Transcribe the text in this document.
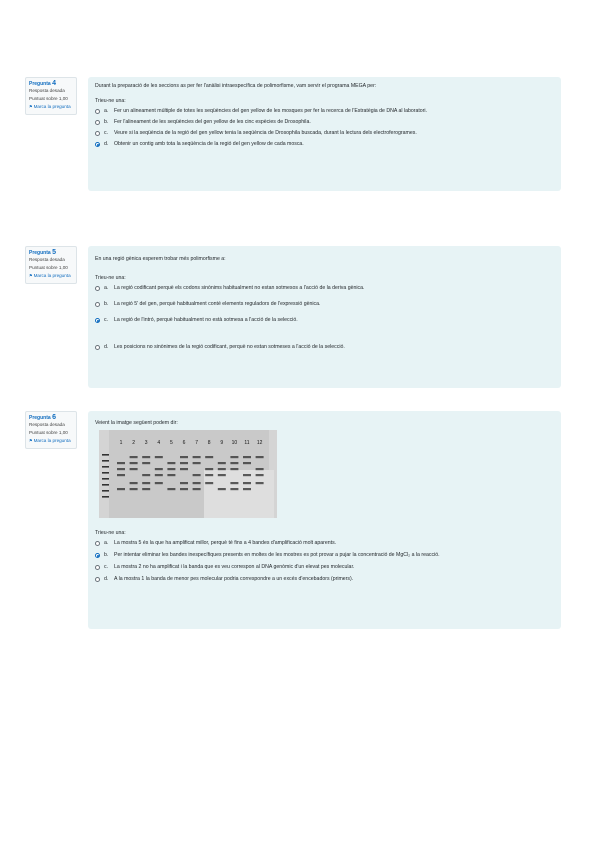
Pregunta 4
Resposta desada
Puntuat sobre 1,00
⚑Marca la pregunta
Durant la preparació de les seccions as per fer l'anàlisi intraespecífica de polimorfisme, vam servir el programa MEGA per:
Trieu-ne una:
a.	Fer un alineament múltiple de totes les seqüències del gen yellow de les mosques per fer la recerca de l'Estratègia de DNA al laboratori.
b.	Fer l'alineament de les seqüències del gen yellow de les cinc espècies de Drosophila.
c.	Veure si la seqüència de la regió del gen yellow tenia la seqüència de Drosophila buscada, durant la lectura dels electroferogrames.
d.	Obtenir un contig amb tota la seqüència de la regió del gen yellow de cada mosca.
Pregunta 5
Resposta desada
Puntuat sobre 1,00
⚑Marca la pregunta
En una regió gènica esperem trobar més polimorfisme a:
Trieu-ne una:
a.	La regió codificant perquè els codons sinònims habitualment no estan sotmesos a l'acció de la deriva gènica.
b.	La regió 5' del gen, perquè habitualment conté elements reguladors de l'expressió gènica.
c.	La regió de l'intró, perquè habitualment no està sotmesa a l'acció de la selecció.
d.	Les posicions no sinònimes de la regió codificant, perquè no estan sotmeses a l'acció de la selecció.
Pregunta 6
Resposta desada
Puntuat sobre 1,00
⚑Marca la pregunta
Veient la imatge següent podem dir:
1 2 3 4 5 6 7 8 9 10 11 12
Trieu-ne una:
a.	La mostra 5 és la que ha amplificat millor, perquè té fins a 4 bandes d'amplificació molt aparents.
b.	Per intentar eliminar les bandes inespecífiques presents en moltes de les mostres es pot provar a pujar la concentració de MgCl₂ a la reacció.
c.	La mostra 2 no ha amplificat i la banda que es veu correspon al DNA genòmic d'un elevat pes molecular.
d.	A la mostra 1 la banda de menor pes molecular podria correspondre a un excés d'encebadors (primers).
